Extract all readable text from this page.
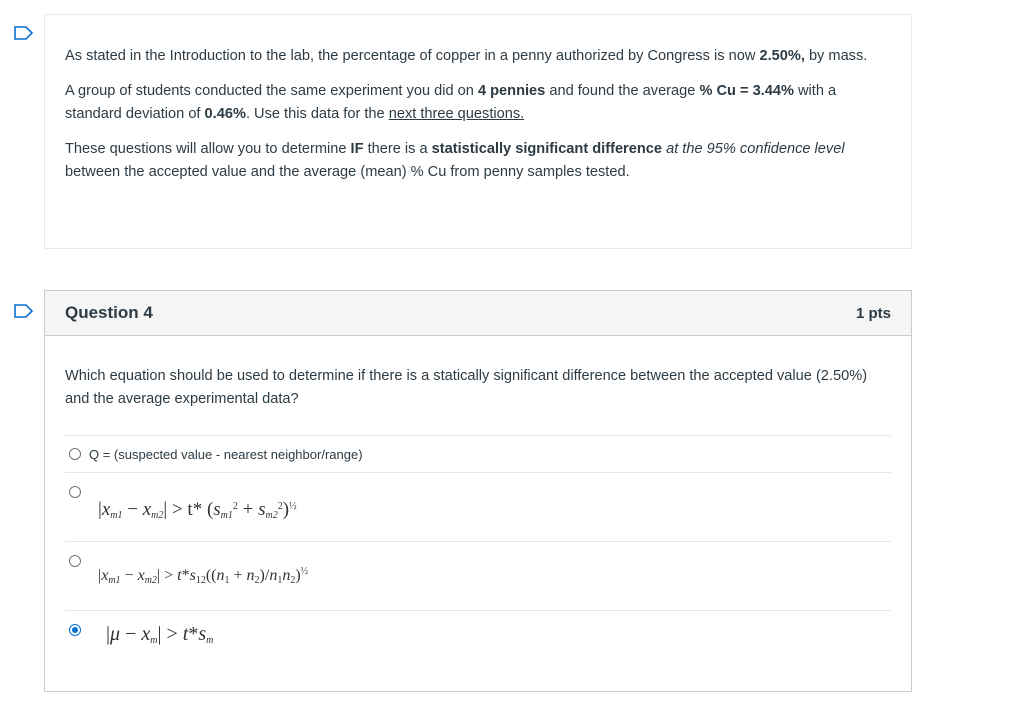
As stated in the Introduction to the lab, the percentage of copper in a penny authorized by Congress is now 2.50%, by mass.

A group of students conducted the same experiment you did on 4 pennies and found the average % Cu = 3.44% with a standard deviation of 0.46%. Use this data for the next three questions.

These questions will allow you to determine IF there is a statistically significant difference at the 95% confidence level between the accepted value and the average (mean) % Cu from penny samples tested.

Question 4	1 pts

Which equation should be used to determine if there is a statically significant difference between the accepted value (2.50%) and the average experimental data?

Q = (suspected value - nearest neighbor/range)
$|x_{m1} - x_{m2}| > t*$ $(s_{m1}^2 + s_{m2}^2)^{\frac{1}{2}}$
$|x_{m1} - x_{m2}| > t*s_{12}((n_1 + n_2)/n_1n_2)^{\frac{1}{2}}$
$|\mu - x_m| > t*s_m$
